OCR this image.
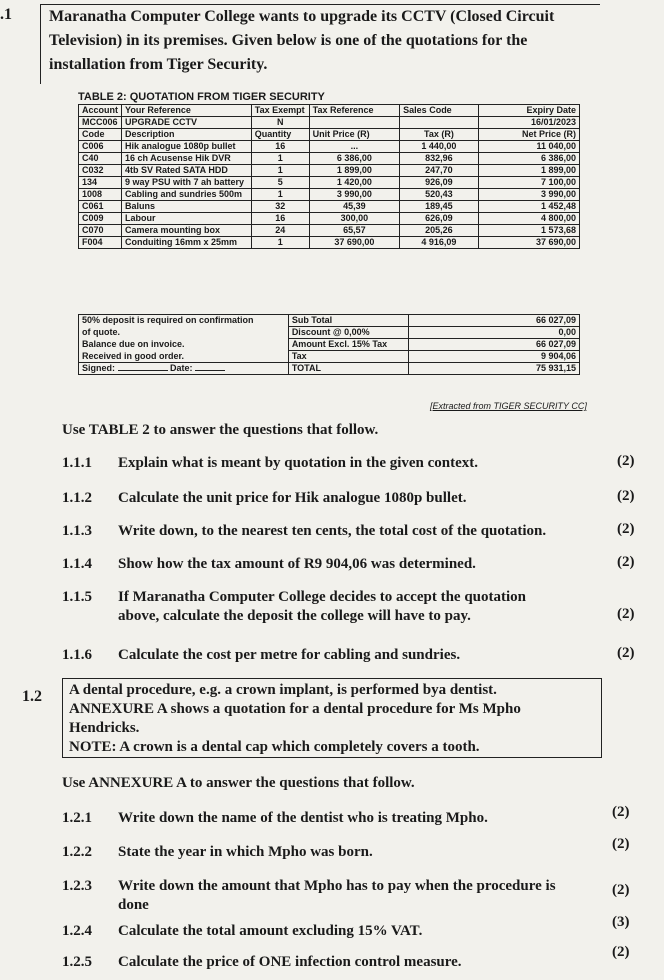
.1 Maranatha Computer College wants to upgrade its CCTV (Closed Circuit
Television) in its premises. Given below is one of the quotations for the
installation from Tiger Security.
TABLE 2: QUOTATION FROM TIGER SECURITY
Account	Your Reference	Tax Exempt	Tax Reference	Sales Code	Expiry Date
MCC006	UPGRADE CCTV	N			16/01/2023
Code	Description	Quantity	Unit Price (R)	Tax (R)	Net Price (R)
C006	Hik analogue 1080p bullet	16	...	1 440,00	11 040,00
C40	16 ch Acusense Hik DVR	1	6 386,00	832,96	6 386,00
C032	4tb SV Rated SATA HDD	1	1 899,00	247,70	1 899,00
134	9 way PSU with 7 ah battery	5	1 420,00	926,09	7 100,00
1008	Cabling and sundries 500m	1	3 990,00	520,43	3 990,00
C061	Baluns	32	45,39	189,45	1 452,48
C009	Labour	16	300,00	626,09	4 800,00
C070	Camera mounting box	24	65,57	205,26	1 573,68
F004	Conduiting 16mm x 25mm	1	37 690,00	4 916,09	37 690,00
50% deposit is required on confirmation	Sub Total	66 027,09
of quote.	Discount @ 0,00%	0,00
Balance due on invoice.	Amount Excl. 15% Tax	66 027,09
Received in good order.	Tax	9 904,06
Signed: Date:	TOTAL	75 931,15
[Extracted from TIGER SECURITY CC]
Use TABLE 2 to answer the questions that follow.
1.1.1 Explain what is meant by quotation in the given context.	(2)
1.1.2 Calculate the unit price for Hik analogue 1080p bullet.	(2)
1.1.3 Write down, to the nearest ten cents, the total cost of the quotation.	(2)
1.1.4 Show how the tax amount of R9 904,06 was determined.	(2)
1.1.5 If Maranatha Computer College decides to accept the quotation
above, calculate the deposit the college will have to pay.	(2)
1.1.6 Calculate the cost per metre for cabling and sundries.	(2)
1.2 A dental procedure, e.g. a crown implant, is performed bya dentist.
ANNEXURE A shows a quotation for a dental procedure for Ms Mpho
Hendricks.
NOTE: A crown is a dental cap which completely covers a tooth.
Use ANNEXURE A to answer the questions that follow.
1.2.1 Write down the name of the dentist who is treating Mpho.	(2)
1.2.2 State the year in which Mpho was born.	(2)
1.2.3 Write down the amount that Mpho has to pay when the procedure is
done
(2)
1.2.4 Calculate the total amount excluding 15% VAT.
(3)
1.2.5 Calculate the price of ONE infection control measure.
(2)
